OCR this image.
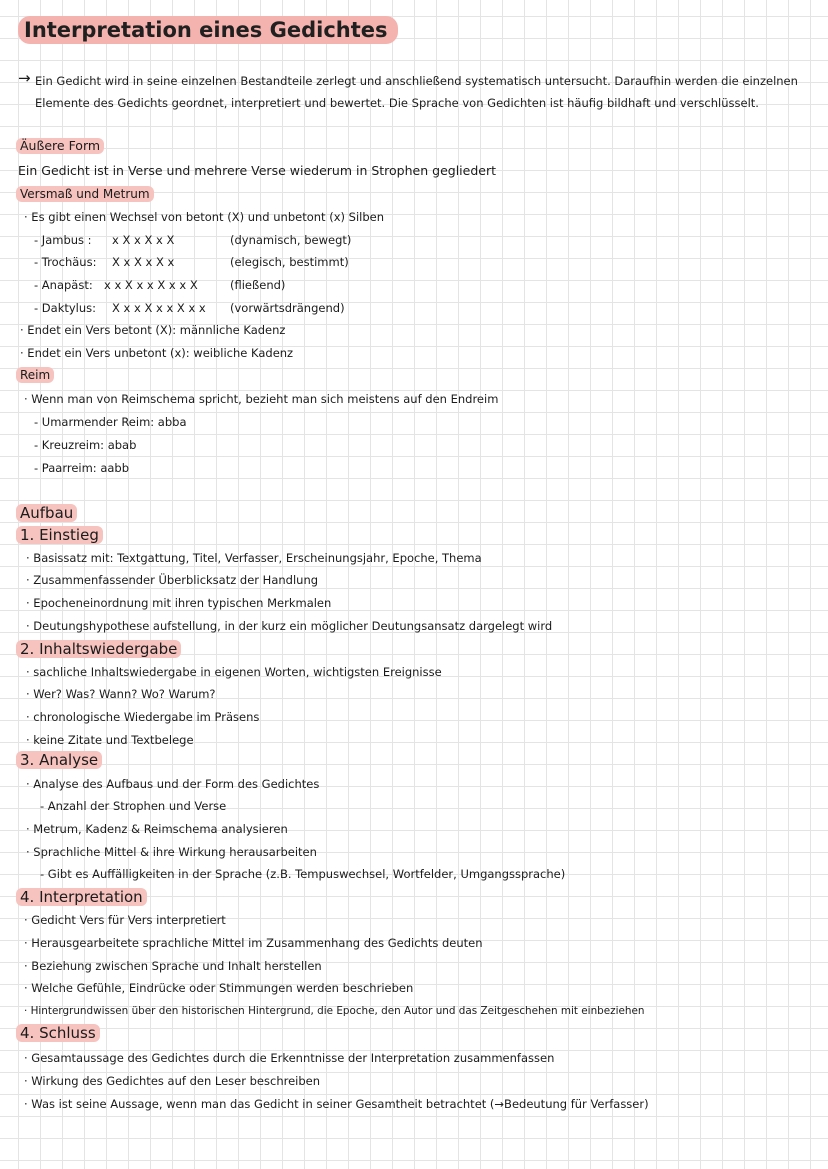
Interpretation eines Gedichtes
→ Ein Gedicht wird in seine einzelnen Bestandteile zerlegt und anschließend systematisch untersucht. Daraufhin werden die einzelnen
Elemente des Gedichts geordnet, interpretiert und bewertet. Die Sprache von Gedichten ist häufig bildhaft und verschlüsselt.
Äußere Form
Ein Gedicht ist in Verse und mehrere Verse wiederum in Strophen gegliedert
Versmaß und Metrum
· Es gibt einen Wechsel von betont (X) und unbetont (x) Silben
- Jambus : x X x X x X	(dynamisch, bewegt)
- Trochäus: X x X x X x	(elegisch, bestimmt)
- Anapäst: x x X x x X x x X	(fließend)
- Daktylus: X x x X x x X x x (vorwärtsdrängend)
· Endet ein Vers betont (X): männliche Kadenz
· Endet ein Vers unbetont (x): weibliche Kadenz
Reim
· Wenn man von Reimschema spricht, bezieht man sich meistens auf den Endreim
- Umarmender Reim: abba
- Kreuzreim: abab
- Paarreim: aabb
Aufbau
1. Einstieg
· Basissatz mit: Textgattung, Titel, Verfasser, Erscheinungsjahr, Epoche, Thema
· Zusammenfassender Überblicksatz der Handlung
· Epocheneinordnung mit ihren typischen Merkmalen
· Deutungshypothese aufstellung, in der kurz ein möglicher Deutungsansatz dargelegt wird
2. Inhaltswiedergabe
· sachliche Inhaltswiedergabe in eigenen Worten, wichtigsten Ereignisse
· Wer? Was? Wann? Wo? Warum?
· chronologische Wiedergabe im Präsens
· keine Zitate und Textbelege
3. Analyse
· Analyse des Aufbaus und der Form des Gedichtes
- Anzahl der Strophen und Verse
· Metrum, Kadenz & Reimschema analysieren
· Sprachliche Mittel & ihre Wirkung herausarbeiten
- Gibt es Auffälligkeiten in der Sprache (z.B. Tempuswechsel, Wortfelder, Umgangssprache)
4. Interpretation
· Gedicht Vers für Vers interpretiert
· Herausgearbeitete sprachliche Mittel im Zusammenhang des Gedichts deuten
· Beziehung zwischen Sprache und Inhalt herstellen
· Welche Gefühle, Eindrücke oder Stimmungen werden beschrieben
· Hintergrundwissen über den historischen Hintergrund, die Epoche, den Autor und das Zeitgeschehen mit einbeziehen
4. Schluss
· Gesamtaussage des Gedichtes durch die Erkenntnisse der Interpretation zusammenfassen
· Wirkung des Gedichtes auf den Leser beschreiben
· Was ist seine Aussage, wenn man das Gedicht in seiner Gesamtheit betrachtet (→Bedeutung für Verfasser)
